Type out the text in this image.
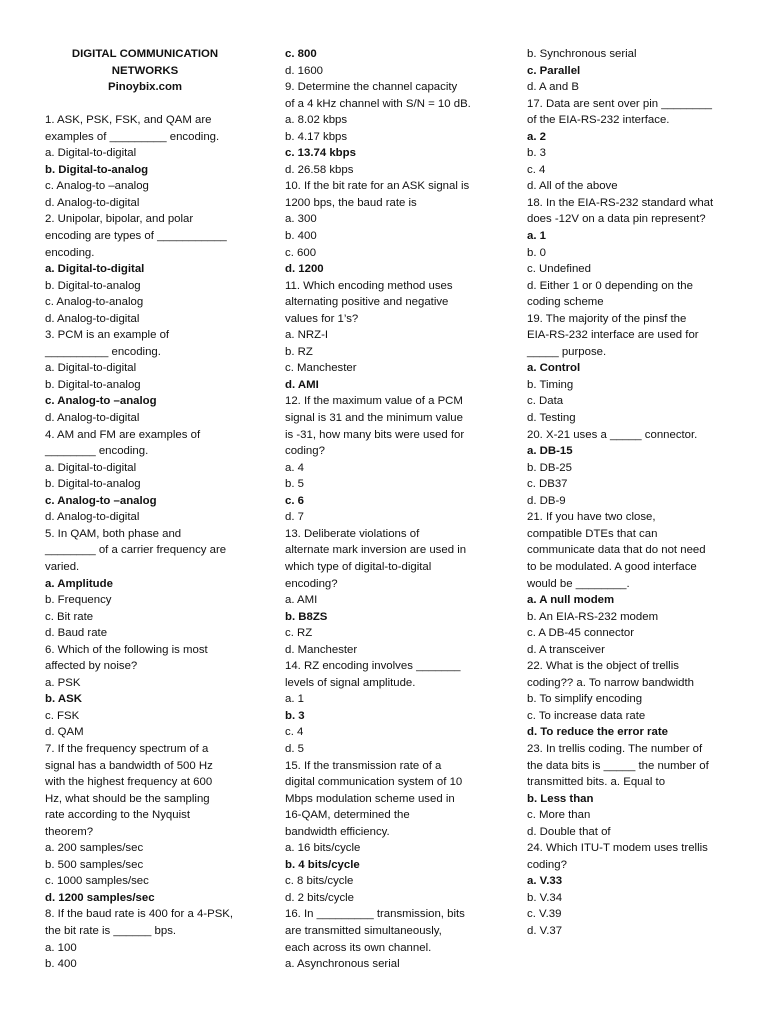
DIGITAL COMMUNICATION
NETWORKS
Pinoybix.com
1. ASK, PSK, FSK, and QAM are
examples of _________ encoding.
a. Digital-to-digital
b. Digital-to-analog
c. Analog-to –analog
d. Analog-to-digital
2. Unipolar, bipolar, and polar
encoding are types of ___________
encoding.
a. Digital-to-digital
b. Digital-to-analog
c. Analog-to-analog
d. Analog-to-digital
3. PCM is an example of
__________ encoding.
a. Digital-to-digital
b. Digital-to-analog
c. Analog-to –analog
d. Analog-to-digital
4. AM and FM are examples of
________ encoding.
a. Digital-to-digital
b. Digital-to-analog
c. Analog-to –analog
d. Analog-to-digital
5. In QAM, both phase and
________ of a carrier frequency are
varied.
a. Amplitude
b. Frequency
c. Bit rate
d. Baud rate
6. Which of the following is most
affected by noise?
a. PSK
b. ASK
c. FSK
d. QAM
7. If the frequency spectrum of a
signal has a bandwidth of 500 Hz
with the highest frequency at 600
Hz, what should be the sampling
rate according to the Nyquist
theorem?
a. 200 samples/sec
b. 500 samples/sec
c. 1000 samples/sec
d. 1200 samples/sec
8. If the baud rate is 400 for a 4-PSK,
the bit rate is ______ bps.
a. 100
b. 400
c. 800
d. 1600
9. Determine the channel capacity
of a 4 kHz channel with S/N = 10 dB.
a. 8.02 kbps
b. 4.17 kbps
c. 13.74 kbps
d. 26.58 kbps
10. If the bit rate for an ASK signal is
1200 bps, the baud rate is
a. 300
b. 400
c. 600
d. 1200
11. Which encoding method uses
alternating positive and negative
values for 1’s?
a. NRZ-I
b. RZ
c. Manchester
d. AMI
12. If the maximum value of a PCM
signal is 31 and the minimum value
is -31, how many bits were used for
coding?
a. 4
b. 5
c. 6
d. 7
13. Deliberate violations of
alternate mark inversion are used in
which type of digital-to-digital
encoding?
a. AMI
b. B8ZS
c. RZ
d. Manchester
14. RZ encoding involves _______
levels of signal amplitude.
a. 1
b. 3
c. 4
d. 5
15. If the transmission rate of a
digital communication system of 10
Mbps modulation scheme used in
16-QAM, determined the
bandwidth efficiency.
a. 16 bits/cycle
b. 4 bits/cycle
c. 8 bits/cycle
d. 2 bits/cycle
16. In _________ transmission, bits
are transmitted simultaneously,
each across its own channel.
a. Asynchronous serial
b. Synchronous serial
c. Parallel
d. A and B
17. Data are sent over pin ________
of the EIA-RS-232 interface.
a. 2
b. 3
c. 4
d. All of the above
18. In the EIA-RS-232 standard what
does -12V on a data pin represent?
a. 1
b. 0
c. Undefined
d. Either 1 or 0 depending on the
coding scheme
19. The majority of the pinsf the
EIA-RS-232 interface are used for
_____ purpose.
a. Control
b. Timing
c. Data
d. Testing
20. X-21 uses a _____ connector.
a. DB-15
b. DB-25
c. DB37
d. DB-9
21. If you have two close,
compatible DTEs that can
communicate data that do not need
to be modulated. A good interface
would be ________.
a. A null modem
b. An EIA-RS-232 modem
c. A DB-45 connector
d. A transceiver
22. What is the object of trellis
coding?? a. To narrow bandwidth
b. To simplify encoding
c. To increase data rate
d. To reduce the error rate
23. In trellis coding. The number of
the data bits is _____ the number of
transmitted bits. a. Equal to
b. Less than
c. More than
d. Double that of
24. Which ITU-T modem uses trellis
coding?
a. V.33
b. V.34
c. V.39
d. V.37
